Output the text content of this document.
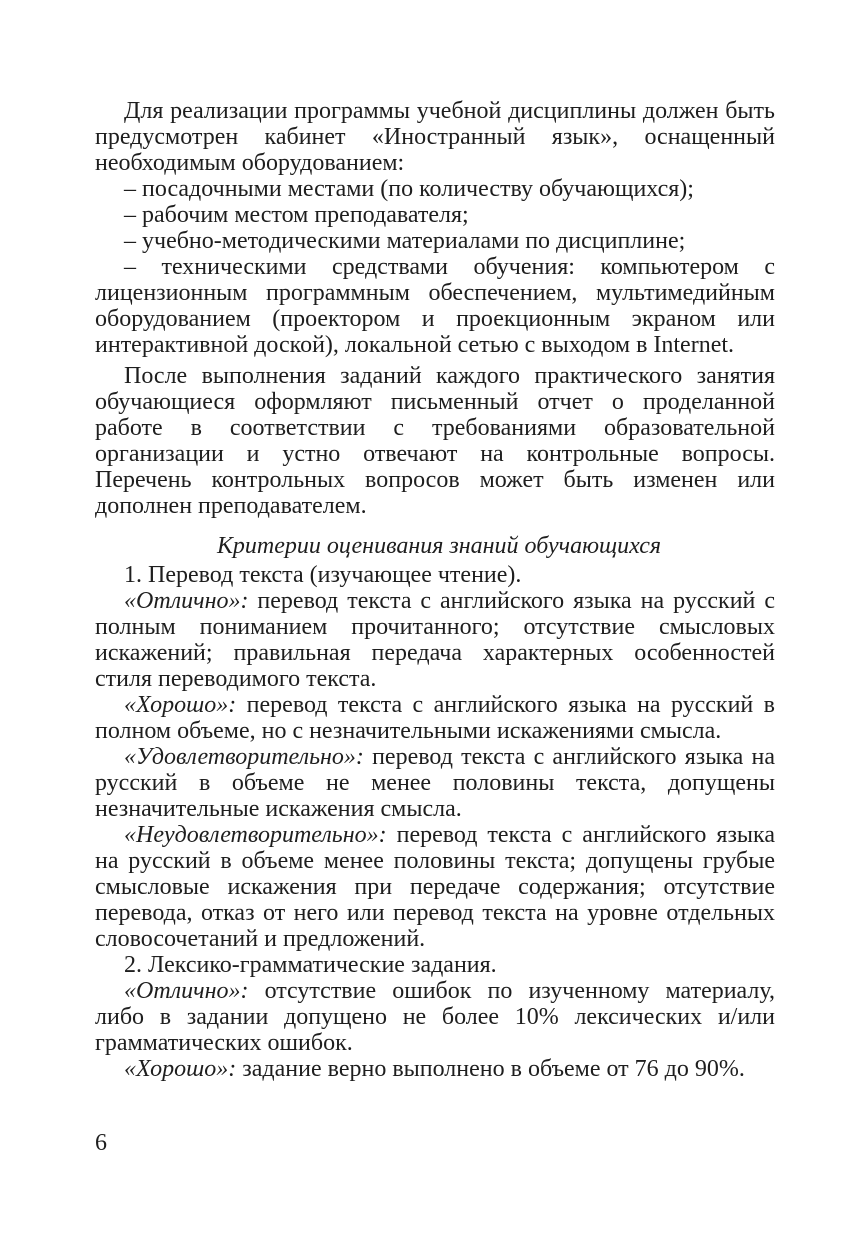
Для реализации программы учебной дисциплины должен быть предусмотрен кабинет «Иностранный язык», оснащенный необходимым оборудованием:

– посадочными местами (по количеству обучающихся);

– рабочим местом преподавателя;

– учебно-методическими материалами по дисциплине;

– техническими средствами обучения: компьютером с лицензионным программным обеспечением, мультимедийным оборудованием (проектором и проекционным экраном или интерактивной доской), локальной сетью с выходом в Internet.

После выполнения заданий каждого практического занятия обучающиеся оформляют письменный отчет о проделанной работе в соответствии с требованиями образовательной организации и устно отвечают на контрольные вопросы. Перечень контрольных вопросов может быть изменен или дополнен преподавателем.

Критерии оценивания знаний обучающихся

1. Перевод текста (изучающее чтение).

«Отлично»: перевод текста с английского языка на русский с полным пониманием прочитанного; отсутствие смысловых искажений; правильная передача характерных особенностей стиля переводимого текста.

«Хорошо»: перевод текста с английского языка на русский в полном объеме, но с незначительными искажениями смысла.

«Удовлетворительно»: перевод текста с английского языка на русский в объеме не менее половины текста, допущены незначительные искажения смысла.

«Неудовлетворительно»: перевод текста с английского языка на русский в объеме менее половины текста; допущены грубые смысловые искажения при передаче содержания; отсутствие перевода, отказ от него или перевод текста на уровне отдельных словосочетаний и предложений.

2. Лексико-грамматические задания.

«Отлично»: отсутствие ошибок по изученному материалу, либо в задании допущено не более 10% лексических и/или грамматических ошибок.

«Хорошо»: задание верно выполнено в объеме от 76 до 90%.

6
